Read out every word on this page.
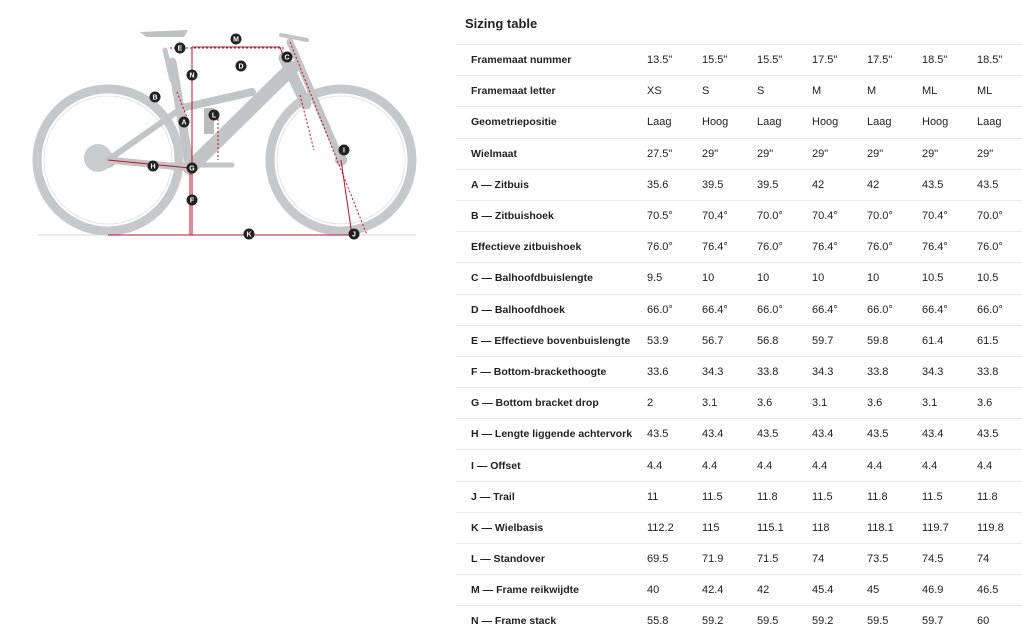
A
B
C
D
E
F
G
H
I
J
K
L
M
N
Sizing table
Framemaat nummer	13.5"	15.5"	15.5"	17.5"	17.5"	18.5"	18.5"
Framemaat letter	XS	S	S	M	M	ML	ML
Geometriepositie	Laag	Hoog	Laag	Hoog	Laag	Hoog	Laag
Wielmaat	27.5"	29"	29"	29"	29"	29"	29"
A — Zitbuis	35.6	39.5	39.5	42	42	43.5	43.5
B — Zitbuishoek	70.5°	70.4°	70.0°	70.4°	70.0°	70.4°	70.0°
Effectieve zitbuishoek	76.0°	76.4°	76.0°	76.4°	76.0°	76.4°	76.0°
C — Balhoofdbuislengte	9.5	10	10	10	10	10.5	10.5
D — Balhoofdhoek	66.0°	66.4°	66.0°	66.4°	66.0°	66.4°	66.0°
E — Effectieve bovenbuislengte	53.9	56.7	56.8	59.7	59.8	61.4	61.5
F — Bottom-brackethoogte	33.6	34.3	33.8	34.3	33.8	34.3	33.8
G — Bottom bracket drop	2	3.1	3.6	3.1	3.6	3.1	3.6
H — Lengte liggende achtervork	43.5	43.4	43.5	43.4	43.5	43.4	43.5
I — Offset	4.4	4.4	4.4	4.4	4.4	4.4	4.4
J — Trail	11	11.5	11.8	11.5	11.8	11.5	11.8
K — Wielbasis	112.2	115	115.1	118	118.1	119.7	119.8
L — Standover	69.5	71.9	71.5	74	73.5	74.5	74
M — Frame reikwijdte	40	42.4	42	45.4	45	46.9	46.5
N — Frame stack	55.8	59.2	59.5	59.2	59.5	59.7	60
